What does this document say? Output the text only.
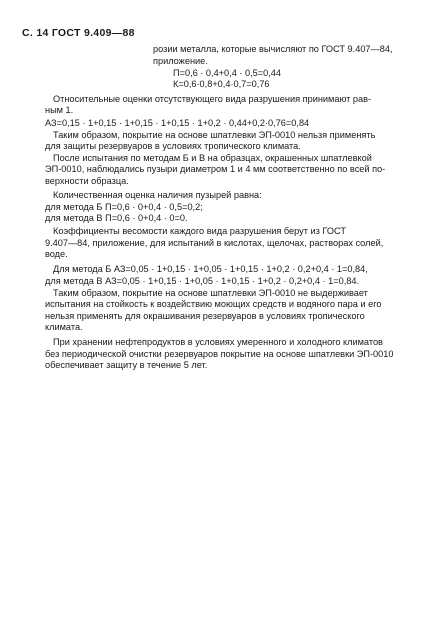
С. 14 ГОСТ 9.409—88
розии металла, которые вычисляют по ГОСТ 9.407—84,
приложение.
П=0,6 · 0,4+0,4 · 0,5=0,44
К=0,6·0,8+0,4·0,7=0,76
Относительные оценки отсутствующего вида разрушения принимают рав-
ным 1.
АЗ=0,15 · 1+0,15 · 1+0,15 · 1+0,15 · 1+0,2 · 0,44+0,2·0,76=0,84
Таким образом, покрытие на основе шпатлевки ЭП-0010 нельзя применять
для защиты резервуаров в условиях тропического климата.
После испытания по методам Б и В на образцах, окрашенных шпатлевкой
ЭП-0010, наблюдались пузыри диаметром 1 и 4 мм соответственно по всей по-
верхности образца.
Количественная оценка наличия пузырей равна:
для метода Б П=0,6 · 0+0,4 · 0,5=0,2;
для метода В П=0,6 · 0+0,4 · 0=0.
Коэффициенты весомости каждого вида разрушения берут из ГОСТ
9.407—84, приложение, для испытаний в кислотах, щелочах, растворах солей,
воде.
Для метода Б АЗ=0,05 · 1+0,15 · 1+0,05 · 1+0,15 · 1+0,2 · 0,2+0,4 · 1=0,84,
для метода В АЗ=0,05 · 1+0,15 · 1+0,05 · 1+0,15 · 1+0,2 · 0,2+0,4 · 1=0,84.
Таким образом, покрытие на основе шпатлевки ЭП-0010 не выдерживает
испытания на стойкость к воздействию моющих средств и водяного пара и его
нельзя применять для окрашивания резервуаров в условиях тропического
климата.
При хранении нефтепродуктов в условиях умеренного и холодного климатов
без периодической очистки резервуаров покрытие на основе шпатлевки ЭП-0010
обеспечивает защиту в течение 5 лет.
